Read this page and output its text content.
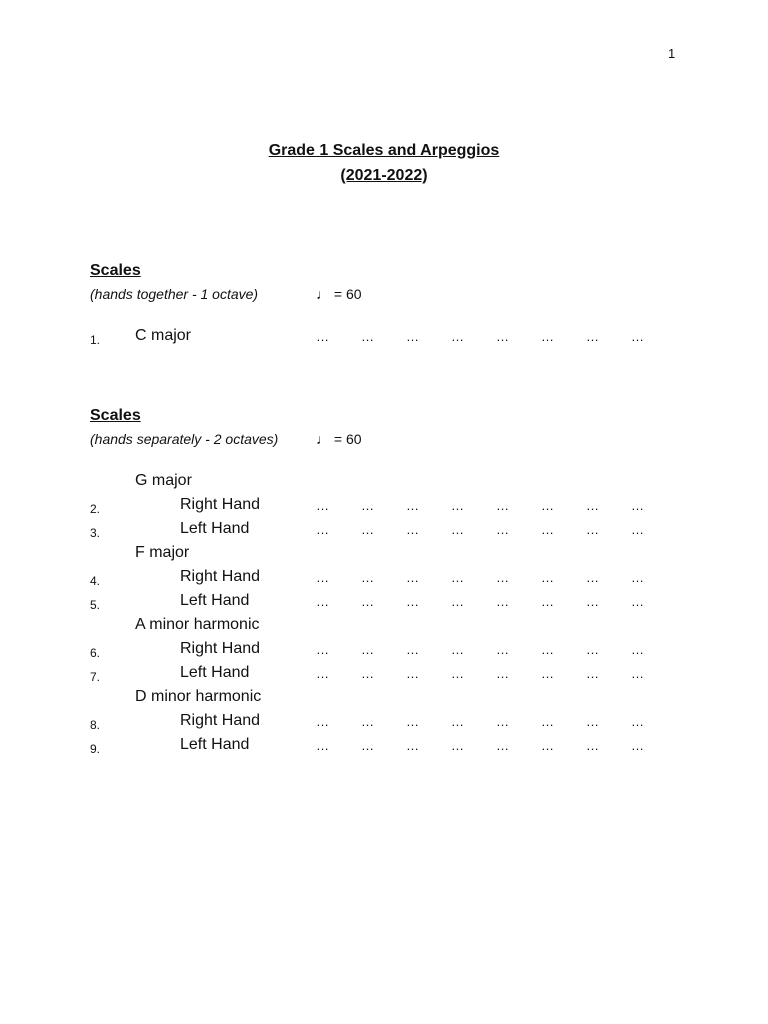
1
Grade 1 Scales and Arpeggios
(2021-2022)
Scales
(hands together - 1 octave)	♩ = 60
1. C major	… … … … … … … …
Scales
(hands separately - 2 octaves)	♩ = 60
G major
2.	Right Hand	… … … … … … … …
3.	Left Hand	… … … … … … … …
F major
4.	Right Hand	… … … … … … … …
5.	Left Hand	… … … … … … … …
A minor harmonic
6.	Right Hand	… … … … … … … …
7.	Left Hand	… … … … … … … …
D minor harmonic
8.	Right Hand	… … … … … … … …
9.	Left Hand	… … … … … … … …
